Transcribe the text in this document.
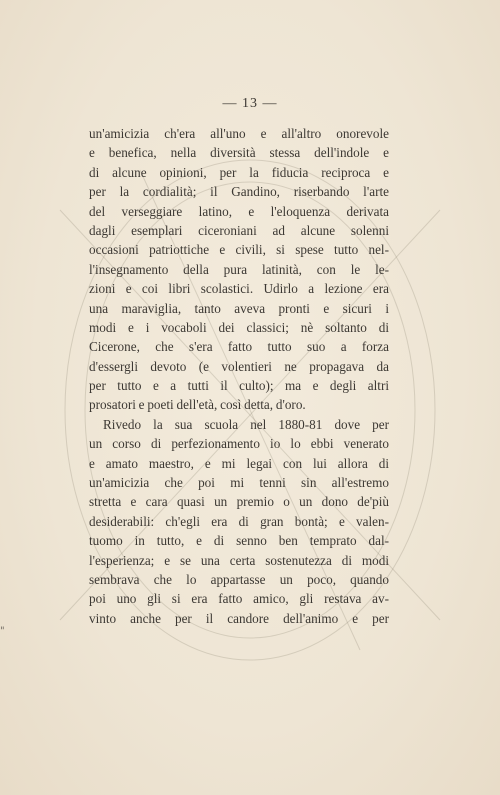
— 13 —
un'amicizia ch'era all'uno e all'altro onorevole
e benefica, nella diversità stessa dell'indole e
di alcune opinioni, per la fiducia reciproca e
per la cordialità; il Gandino, riserbando l'arte
del verseggiare latino, e l'eloquenza derivata
dagli esemplari ciceroniani ad alcune solenni
occasioni patriottiche e civili, si spese tutto nel-
l'insegnamento della pura latinità, con le le-
zioni e coi libri scolastici. Udirlo a lezione era
una maraviglia, tanto aveva pronti e sicuri i
modi e i vocaboli dei classici; nè soltanto di
Cicerone, che s'era fatto tutto suo a forza
d'essergli devoto (e volentieri ne propagava da
per tutto e a tutti il culto); ma e degli altri
prosatori e poeti dell'età, così detta, d'oro.
Rivedo la sua scuola nel 1880-81 dove per
un corso di perfezionamento io lo ebbi venerato
e amato maestro, e mi legai con lui allora di
un'amicizia che poi mi tenni sin all'estremo
stretta e cara quasi un premio o un dono de'più
desiderabili: ch'egli era di gran bontà; e valen-
tuomo in tutto, e di senno ben temprato dal-
l'esperienza; e se una certa sostenutezza di modi
sembrava che lo appartasse un poco, quando
poi uno gli si era fatto amico, gli restava av-
vinto anche per il candore dell'animo e per
"
